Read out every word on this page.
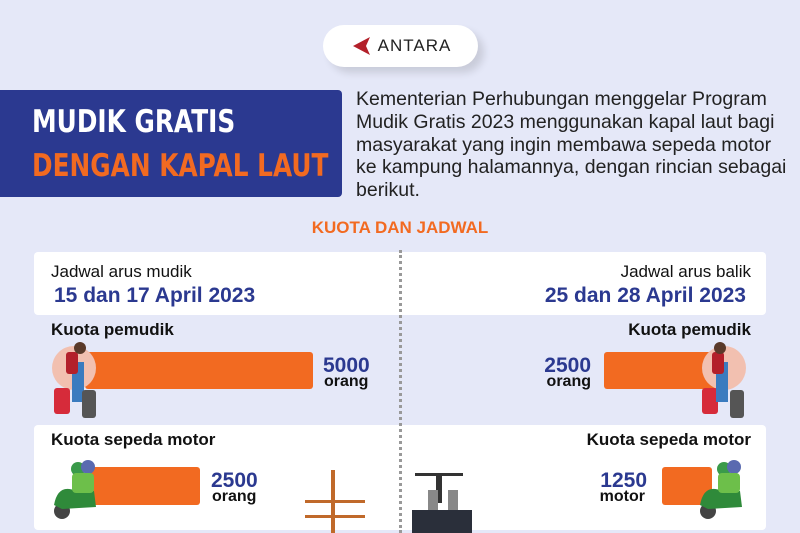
ANTARA
MUDIK GRATIS
DENGAN KAPAL LAUT
Kementerian Perhubungan menggelar Program Mudik Gratis 2023 menggunakan kapal laut bagi masyarakat yang ingin membawa sepeda motor ke kampung halamannya, dengan rincian sebagai berikut.
KUOTA DAN JADWAL
Jadwal arus mudik
15 dan 17 April 2023
Kuota pemudik
5000
orang
Kuota sepeda motor
2500
orang
Jadwal arus balik
25 dan 28 April 2023
Kuota pemudik
2500
orang
Kuota sepeda motor
1250
motor
